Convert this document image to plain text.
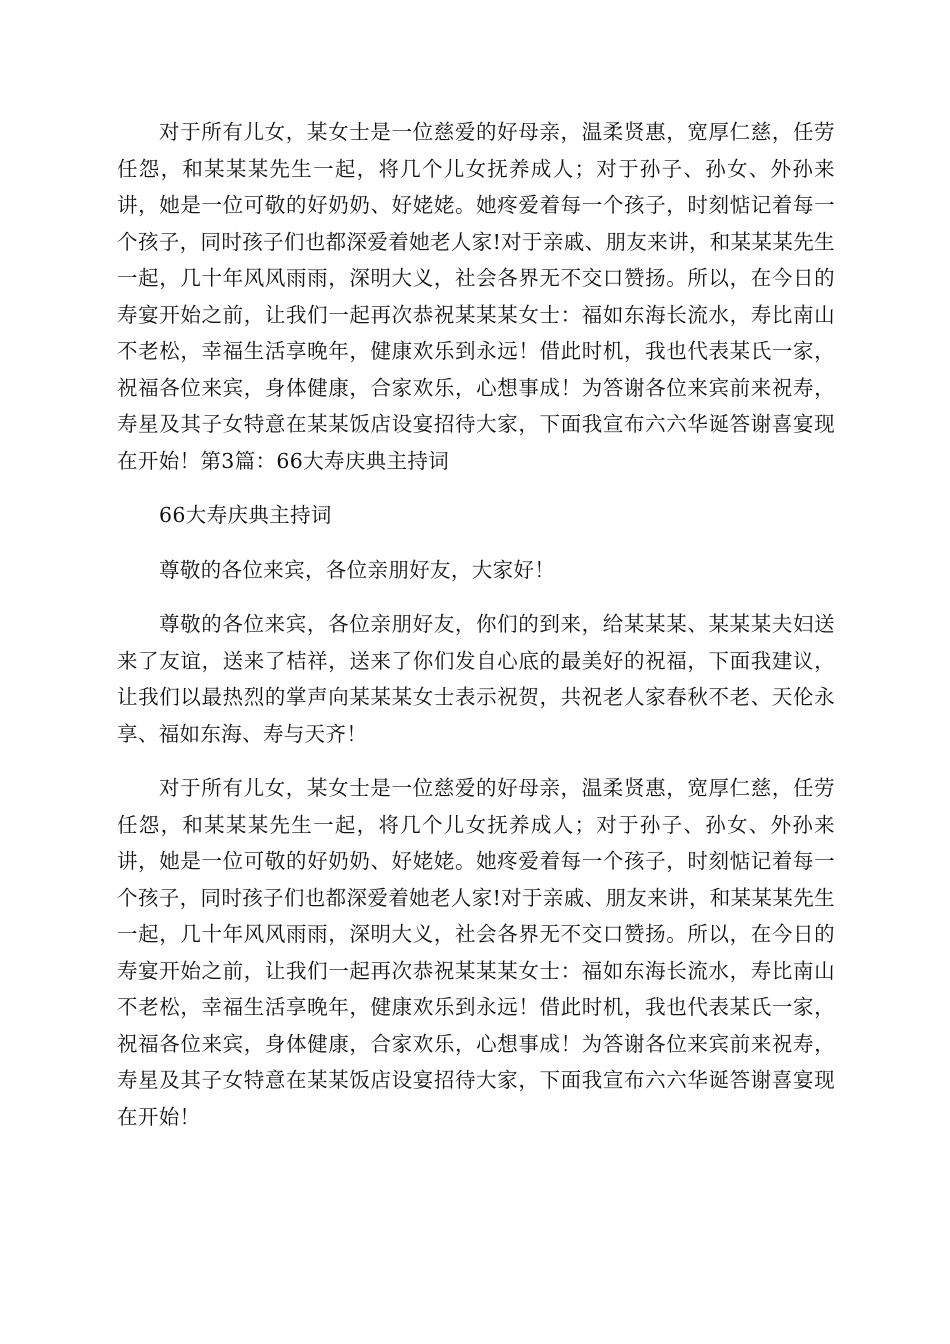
对于所有儿女，某女士是一位慈爱的好母亲，温柔贤惠，宽厚仁慈，任劳任怨，和某某某先生一起，将几个儿女抚养成人；对于孙子、孙女、外孙来讲，她是一位可敬的好奶奶、好姥姥。她疼爱着每一个孩子，时刻惦记着每一个孩子，同时孩子们也都深爱着她老人家!对于亲戚、朋友来讲，和某某某先生一起，几十年风风雨雨，深明大义，社会各界无不交口赞扬。所以，在今日的寿宴开始之前，让我们一起再次恭祝某某某女士：福如东海长流水，寿比南山不老松，幸福生活享晚年，健康欢乐到永远！借此时机，我也代表某氏一家，祝福各位来宾，身体健康，合家欢乐，心想事成！为答谢各位来宾前来祝寿，寿星及其子女特意在某某饭店设宴招待大家，下面我宣布六六华诞答谢喜宴现在开始！第3篇：66大寿庆典主持词

66大寿庆典主持词

尊敬的各位来宾，各位亲朋好友，大家好！

尊敬的各位来宾，各位亲朋好友，你们的到来，给某某某、某某某夫妇送来了友谊，送来了桔祥，送来了你们发自心底的最美好的祝福，下面我建议，让我们以最热烈的掌声向某某某女士表示祝贺，共祝老人家春秋不老、天伦永享、福如东海、寿与天齐！

对于所有儿女，某女士是一位慈爱的好母亲，温柔贤惠，宽厚仁慈，任劳任怨，和某某某先生一起，将几个儿女抚养成人；对于孙子、孙女、外孙来讲，她是一位可敬的好奶奶、好姥姥。她疼爱着每一个孩子，时刻惦记着每一个孩子，同时孩子们也都深爱着她老人家!对于亲戚、朋友来讲，和某某某先生一起，几十年风风雨雨，深明大义，社会各界无不交口赞扬。所以，在今日的寿宴开始之前，让我们一起再次恭祝某某某女士：福如东海长流水，寿比南山不老松，幸福生活享晚年，健康欢乐到永远！借此时机，我也代表某氏一家，祝福各位来宾，身体健康，合家欢乐，心想事成！为答谢各位来宾前来祝寿，寿星及其子女特意在某某饭店设宴招待大家，下面我宣布六六华诞答谢喜宴现在开始！
